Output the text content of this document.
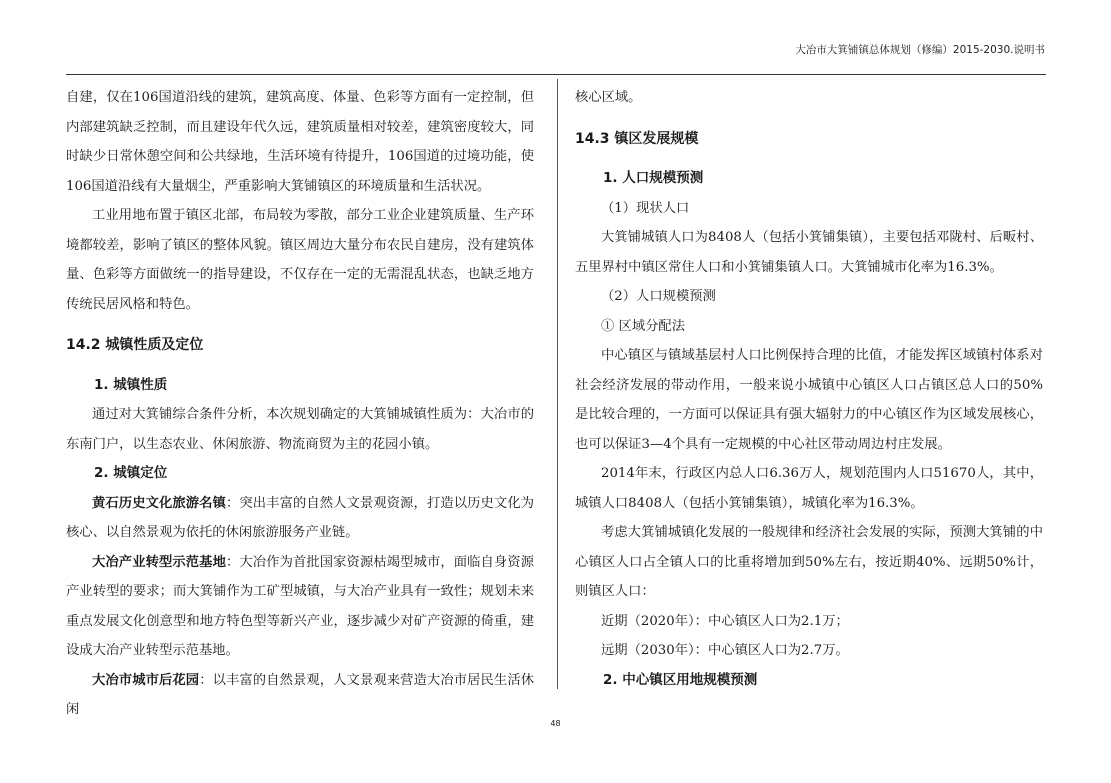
大冶市大箕铺镇总体规划（修编）2015-2030.说明书

自建，仅在106国道沿线的建筑，建筑高度、体量、色彩等方面有一定控制，但内部建筑缺乏控制，而且建设年代久远，建筑质量相对较差，建筑密度较大，同时缺少日常休憩空间和公共绿地，生活环境有待提升，106国道的过境功能，使106国道沿线有大量烟尘，严重影响大箕铺镇区的环境质量和生活状况。

工业用地布置于镇区北部，布局较为零散，部分工业企业建筑质量、生产环境都较差，影响了镇区的整体风貌。镇区周边大量分布农民自建房，没有建筑体量、色彩等方面做统一的指导建设，不仅存在一定的无需混乱状态，也缺乏地方传统民居风格和特色。

14.2 城镇性质及定位
1. 城镇性质

通过对大箕铺综合条件分析，本次规划确定的大箕铺城镇性质为：大冶市的东南门户，以生态农业、休闲旅游、物流商贸为主的花园小镇。

2. 城镇定位

黄石历史文化旅游名镇：突出丰富的自然人文景观资源，打造以历史文化为核心、以自然景观为依托的休闲旅游服务产业链。

大冶产业转型示范基地：大冶作为首批国家资源枯竭型城市，面临自身资源产业转型的要求；而大箕铺作为工矿型城镇，与大冶产业具有一致性；规划未来重点发展文化创意型和地方特色型等新兴产业，逐步减少对矿产资源的倚重，建设成大冶产业转型示范基地。

大冶市城市后花园：以丰富的自然景观，人文景观来营造大冶市居民生活休闲

核心区域。

14.3 镇区发展规模
1. 人口规模预测

（1）现状人口

大箕铺城镇人口为8408人（包括小箕铺集镇），主要包括邓陇村、后畈村、五里界村中镇区常住人口和小箕铺集镇人口。大箕铺城市化率为16.3%。

（2）人口规模预测

① 区域分配法

中心镇区与镇域基层村人口比例保持合理的比值，才能发挥区域镇村体系对社会经济发展的带动作用，一般来说小城镇中心镇区人口占镇区总人口的50%是比较合理的，一方面可以保证具有强大辐射力的中心镇区作为区域发展核心，也可以保证3—4个具有一定规模的中心社区带动周边村庄发展。

2014年末，行政区内总人口6.36万人，规划范围内人口51670人，其中，城镇人口8408人（包括小箕铺集镇），城镇化率为16.3%。

考虑大箕铺城镇化发展的一般规律和经济社会发展的实际，预测大箕铺的中心镇区人口占全镇人口的比重将增加到50%左右，按近期40%、远期50%计，则镇区人口：

近期（2020年）：中心镇区人口为2.1万；

远期（2030年）：中心镇区人口为2.7万。

2. 中心镇区用地规模预测
48
